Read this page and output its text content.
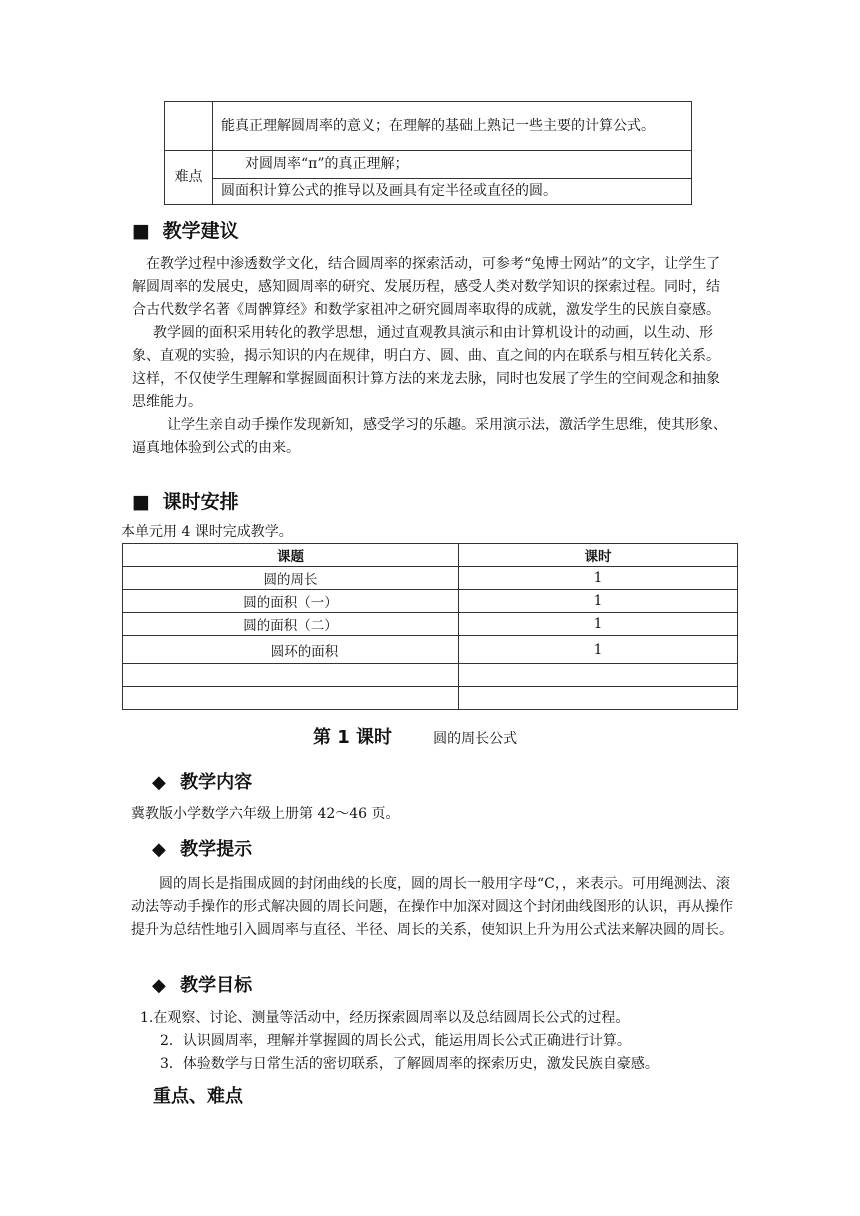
	能真正理解圆周率的意义；在理解的基础上熟记一些主要的计算公式。
难点	对圆周率“π”的真正理解；
	圆面积计算公式的推导以及画具有定半径或直径的圆。
■ 教学建议

在教学过程中渗透数学文化，结合圆周率的探索活动，可参考“兔博士网站”的文字，让学生了解圆周率的发展史，感知圆周率的研究、发展历程，感受人类对数学知识的探索过程。同时，结合古代数学名著《周髀算经》和数学家祖冲之研究圆周率取得的成就，激发学生的民族自豪感。

教学圆的面积采用转化的教学思想，通过直观教具演示和由计算机设计的动画，以生动、形象、直观的实验，揭示知识的内在规律，明白方、圆、曲、直之间的内在联系与相互转化关系。这样，不仅使学生理解和掌握圆面积计算方法的来龙去脉，同时也发展了学生的空间观念和抽象思维能力。

让学生亲自动手操作发现新知，感受学习的乐趣。采用演示法，激活学生思维，使其形象、逼真地体验到公式的由来。

■ 课时安排
本单元用 4 课时完成教学。
课题	课时
圆的周长	1
圆的面积（一）	1
圆的面积（二）	1
圆环的面积	1

第 1 课时	圆的周长公式
◆ 教学内容
冀教版小学数学六年级上册第 42～46 页。
◆ 教学提示

圆的周长是指围成圆的封闭曲线的长度，圆的周长一般用字母“C，，来表示。可用绳测法、滚动法等动手操作的形式解决圆的周长问题，在操作中加深对圆这个封闭曲线图形的认识，再从操作提升为总结性地引入圆周率与直径、半径、周长的关系，使知识上升为用公式法来解决圆的周长。

◆ 教学目标
1.在观察、讨论、测量等活动中，经历探索圆周率以及总结圆周长公式的过程。
2．认识圆周率，理解并掌握圆的周长公式，能运用周长公式正确进行计算。
3．体验数学与日常生活的密切联系，了解圆周率的探索历史，激发民族自豪感。
重点、难点
